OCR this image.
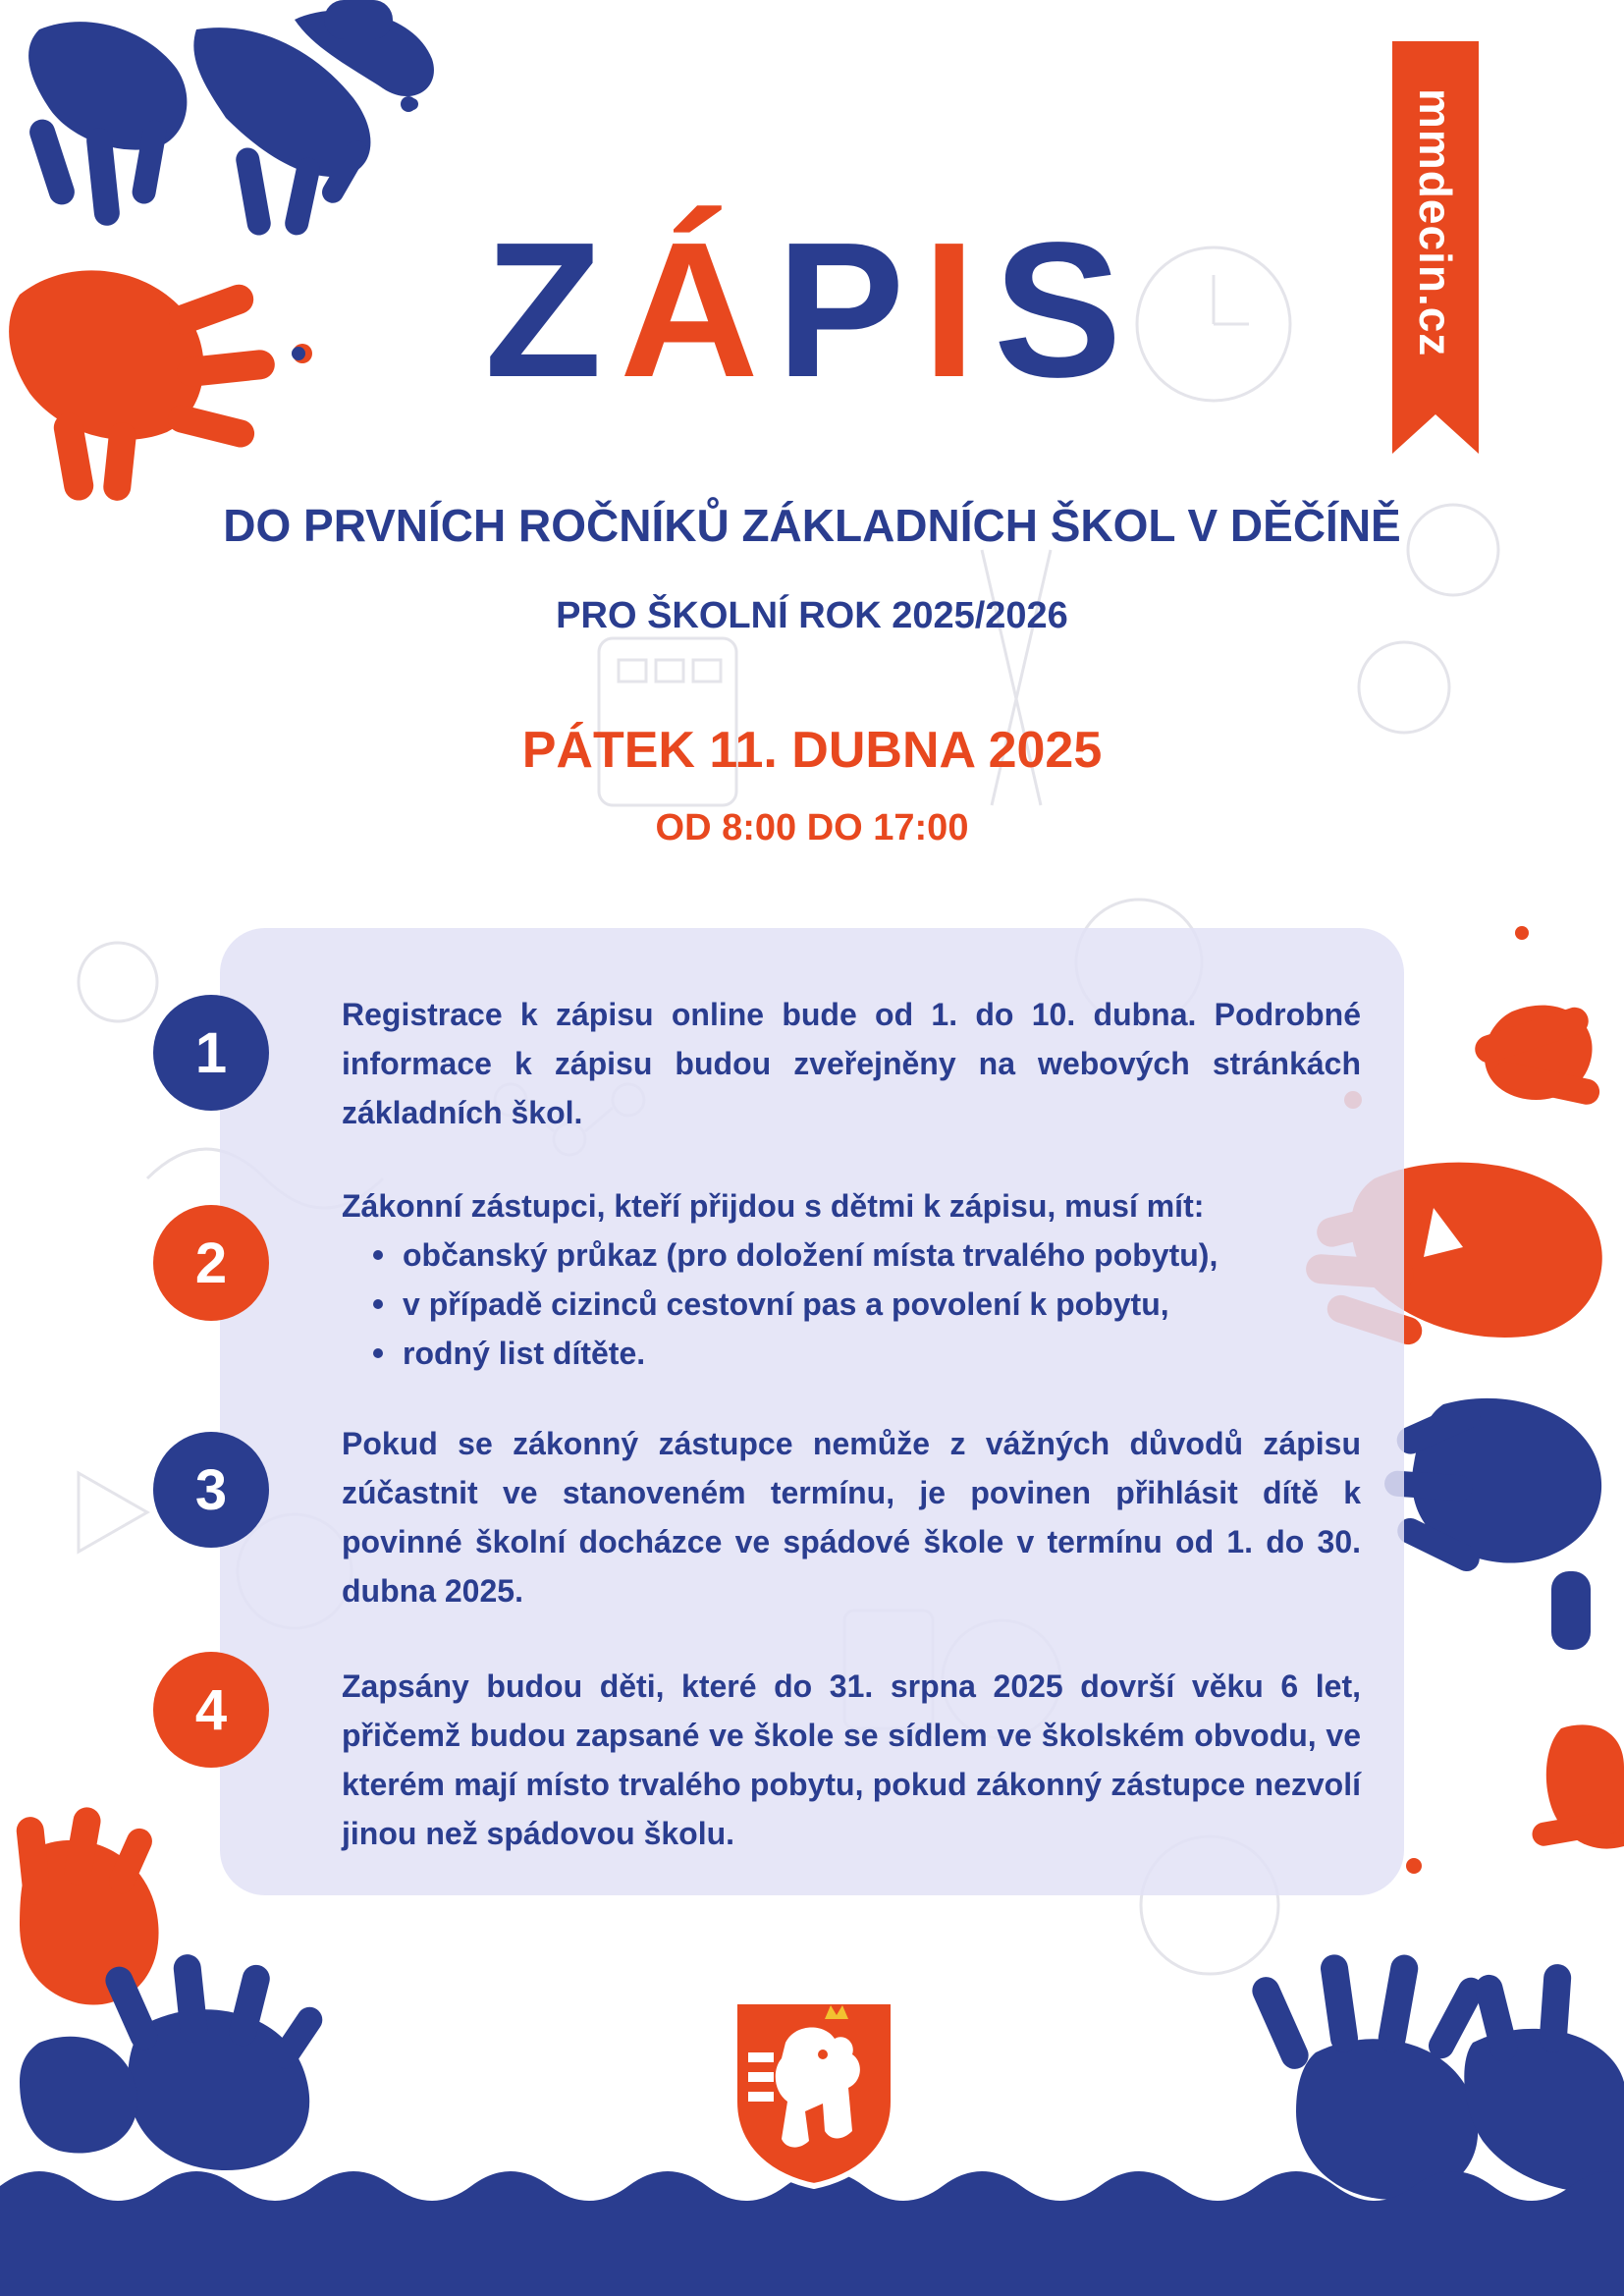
mmdecin.cz
ZÁPIS
DO PRVNÍCH ROČNÍKŮ ZÁKLADNÍCH ŠKOL V DĚČÍNĚ
PRO ŠKOLNÍ ROK 2025/2026
PÁTEK 11. DUBNA 2025
OD 8:00 DO 17:00
1
2
3
4

Registrace k zápisu online bude od 1. do 10. dubna. Podrobné informace k zápisu budou zveřejněny na webových stránkách základních škol.

Zákonní zástupci, kteří přijdou s dětmi k zápisu, musí mít:

občanský průkaz (pro doložení místa trvalého pobytu),
v případě cizinců cestovní pas a povolení k pobytu,
rodný list dítěte.

Pokud se zákonný zástupce nemůže z vážných důvodů zápisu zúčastnit ve stanoveném termínu, je povinen přihlásit dítě k povinné školní docházce ve spádové škole v termínu od 1. do 30. dubna 2025.

Zapsány budou děti, které do 31. srpna 2025 dovrší věku 6 let, přičemž budou zapsané ve škole se sídlem ve školském obvodu, ve kterém mají místo trvalého pobytu, pokud zákonný zástupce nezvolí jinou než spádovou školu.
